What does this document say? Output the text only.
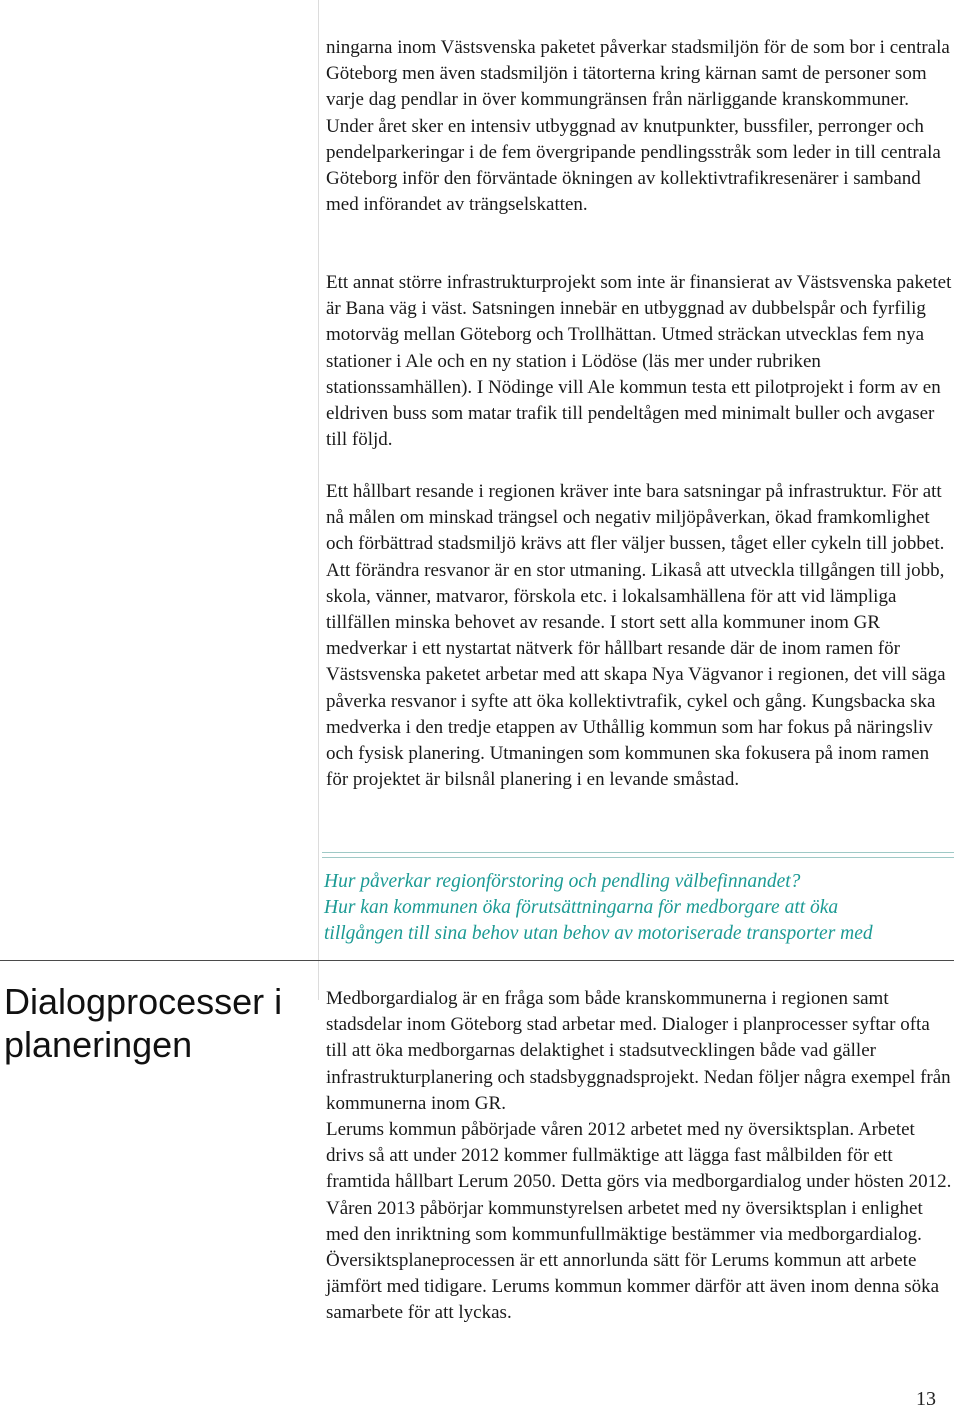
ningarna inom Västsvenska paketet påverkar stadsmiljön för de som bor i centrala Göteborg men även stadsmiljön i tätorterna kring kärnan samt de personer som varje dag pendlar in över kommungränsen från närliggande kranskommuner. Under året sker en intensiv utbyggnad av knutpunkter, bussfiler, perronger och pendelparkeringar i de fem övergripande pendlingsstråk som leder in till centrala Göteborg inför den förväntade ökningen av kollektivtrafikresenärer i samband med införandet av trängselskatten.

Ett annat större infrastrukturprojekt som inte är finansierat av Västsvenska paketet är Bana väg i väst. Satsningen innebär en utbyggnad av dubbelspår och fyrfilig motorväg mellan Göteborg och Trollhättan. Utmed sträckan utvecklas fem nya stationer i Ale och en ny station i Lödöse (läs mer under rubriken stationssamhällen). I Nödinge vill Ale kommun testa ett pilotprojekt i form av en eldriven buss som matar trafik till pendeltågen med minimalt buller och avgaser till följd.

Ett hållbart resande i regionen kräver inte bara satsningar på infrastruktur. För att nå målen om minskad trängsel och negativ miljöpåverkan, ökad framkomlighet och förbättrad stadsmiljö krävs att fler väljer bussen, tåget eller cykeln till jobbet. Att förändra resvanor är en stor utmaning. Likaså att utveckla tillgången till jobb, skola, vänner, matvaror, förskola etc. i lokalsamhällena för att vid lämpliga tillfällen minska behovet av resande. I stort sett alla kommuner inom GR medverkar i ett nystartat nätverk för hållbart resande där de inom ramen för Västsvenska paketet arbetar med att skapa Nya Vägvanor i regionen, det vill säga påverka resvanor i syfte att öka kollektivtrafik, cykel och gång. Kungsbacka ska medverka i den tredje etappen av Uthållig kommun som har fokus på näringsliv och fysisk planering. Utmaningen som kommunen ska fokusera på inom ramen för projektet är bilsnål planering i en levande småstad.

Hur påverkar regionförstoring och pendling välbefinnandet?
Hur kan kommunen öka förutsättningarna för medborgare att öka
tillgången till sina behov utan behov av motoriserade transporter med
Dialogprocesser i planeringen

Medborgardialog är en fråga som både kranskommunerna i regionen samt stadsdelar inom Göteborg stad arbetar med. Dialoger i planprocesser syftar ofta till att öka medborgarnas delaktighet i stadsutvecklingen både vad gäller infrastrukturplanering och stadsbyggnadsprojekt. Nedan följer några exempel från kommunerna inom GR.

Lerums kommun påbörjade våren 2012 arbetet med ny översiktsplan. Arbetet drivs så att under 2012 kommer fullmäktige att lägga fast målbilden för ett framtida hållbart Lerum 2050. Detta görs via medborgardialog under hösten 2012. Våren 2013 påbörjar kommunstyrelsen arbetet med ny översiktsplan i enlighet med den inriktning som kommunfullmäktige bestämmer via medborgardialog. Översiktsplaneprocessen är ett annorlunda sätt för Lerums kommun att arbete jämfört med tidigare. Lerums kommun kommer därför att även inom denna söka samarbete för att lyckas.

13
